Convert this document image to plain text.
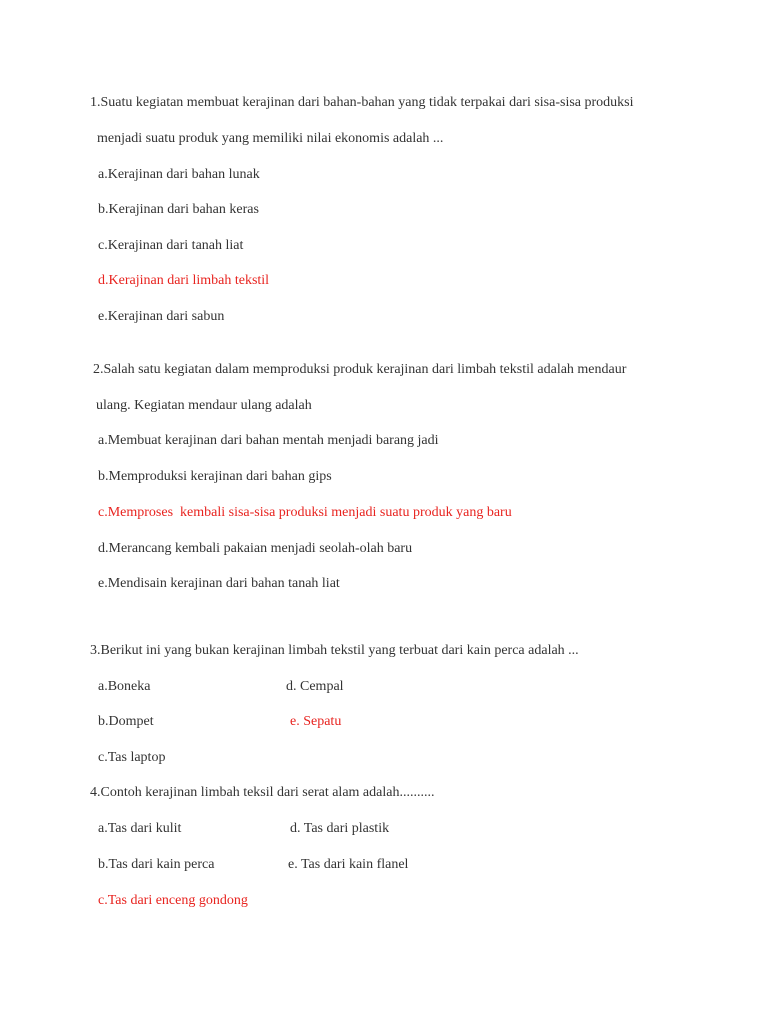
1.Suatu kegiatan membuat kerajinan dari bahan-bahan yang tidak terpakai dari sisa-sisa produksi
menjadi suatu produk yang memiliki nilai ekonomis adalah ...
a.Kerajinan dari bahan lunak
b.Kerajinan dari bahan keras
c.Kerajinan dari tanah liat
d.Kerajinan dari limbah tekstil
e.Kerajinan dari sabun
2.Salah satu kegiatan dalam memproduksi produk kerajinan dari limbah tekstil adalah mendaur
ulang. Kegiatan mendaur ulang adalah
a.Membuat kerajinan dari bahan mentah menjadi barang jadi
b.Memproduksi kerajinan dari bahan gips
c.Memproses  kembali sisa-sisa produksi menjadi suatu produk yang baru
d.Merancang kembali pakaian menjadi seolah-olah baru
e.Mendisain kerajinan dari bahan tanah liat
3.Berikut ini yang bukan kerajinan limbah tekstil yang terbuat dari kain perca adalah ...
a.Boneka	d. Cempal
b.Dompet	e. Sepatu
c.Tas laptop
4.Contoh kerajinan limbah teksil dari serat alam adalah..........
a.Tas dari kulit	d. Tas dari plastik
b.Tas dari kain perca	e. Tas dari kain flanel
c.Tas dari enceng gondong
